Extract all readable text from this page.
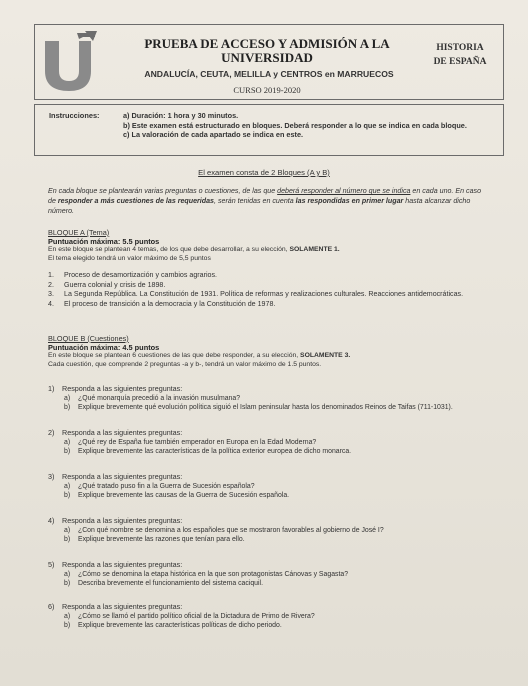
PRUEBA DE ACCESO Y ADMISIÓN A LA
UNIVERSIDAD
ANDALUCÍA, CEUTA, MELILLA y CENTROS en MARRUECOS
CURSO 2019-2020
HISTORIA
DE ESPAÑA
Instrucciones:	a) Duración: 1 hora y 30 minutos.
b) Este examen está estructurado en bloques. Deberá responder a lo que se indica en cada bloque.
c) La valoración de cada apartado se indica en este.
El examen consta de 2 Bloques (A y B)
En cada bloque se plantearán varias preguntas o cuestiones, de las que deberá responder al número que se indica en cada uno. En caso de responder a más cuestiones de las requeridas, serán tenidas en cuenta las respondidas en primer lugar hasta alcanzar dicho número.
BLOQUE A (Tema)
Puntuación máxima: 5.5 puntos
En este bloque se plantean 4 temas, de los que debe desarrollar, a su elección, SOLAMENTE 1.
El tema elegido tendrá un valor máximo de 5,5 puntos
1. Proceso de desamortización y cambios agrarios.
2. Guerra colonial y crisis de 1898.
3. La Segunda República. La Constitución de 1931. Política de reformas y realizaciones culturales. Reacciones antidemocráticas.
4. El proceso de transición a la democracia y la Constitución de 1978.
BLOQUE B (Cuestiones)
Puntuación máxima: 4.5 puntos
En este bloque se plantean 6 cuestiones de las que debe responder, a su elección, SOLAMENTE 3.
Cada cuestión, que comprende 2 preguntas -a y b-, tendrá un valor máximo de 1.5 puntos.
1) Responda a las siguientes preguntas:
a) ¿Qué monarquía precedió a la invasión musulmana?
b) Explique brevemente qué evolución política siguió el Islam peninsular hasta los denominados Reinos de Taifas (711-1031).
2) Responda a las siguientes preguntas:
a) ¿Qué rey de España fue también emperador en Europa en la Edad Moderna?
b) Explique brevemente las características de la política exterior europea de dicho monarca.
3) Responda a las siguientes preguntas:
a) ¿Qué tratado puso fin a la Guerra de Sucesión española?
b) Explique brevemente las causas de la Guerra de Sucesión española.
4) Responda a las siguientes preguntas:
a) ¿Con qué nombre se denomina a los españoles que se mostraron favorables al gobierno de José I?
b) Explique brevemente las razones que tenían para ello.
5) Responda a las siguientes preguntas:
a) ¿Cómo se denomina la etapa histórica en la que son protagonistas Cánovas y Sagasta?
b) Describa brevemente el funcionamiento del sistema caciquil.
6) Responda a las siguientes preguntas:
a) ¿Cómo se llamó el partido político oficial de la Dictadura de Primo de Rivera?
b) Explique brevemente las características políticas de dicho periodo.
